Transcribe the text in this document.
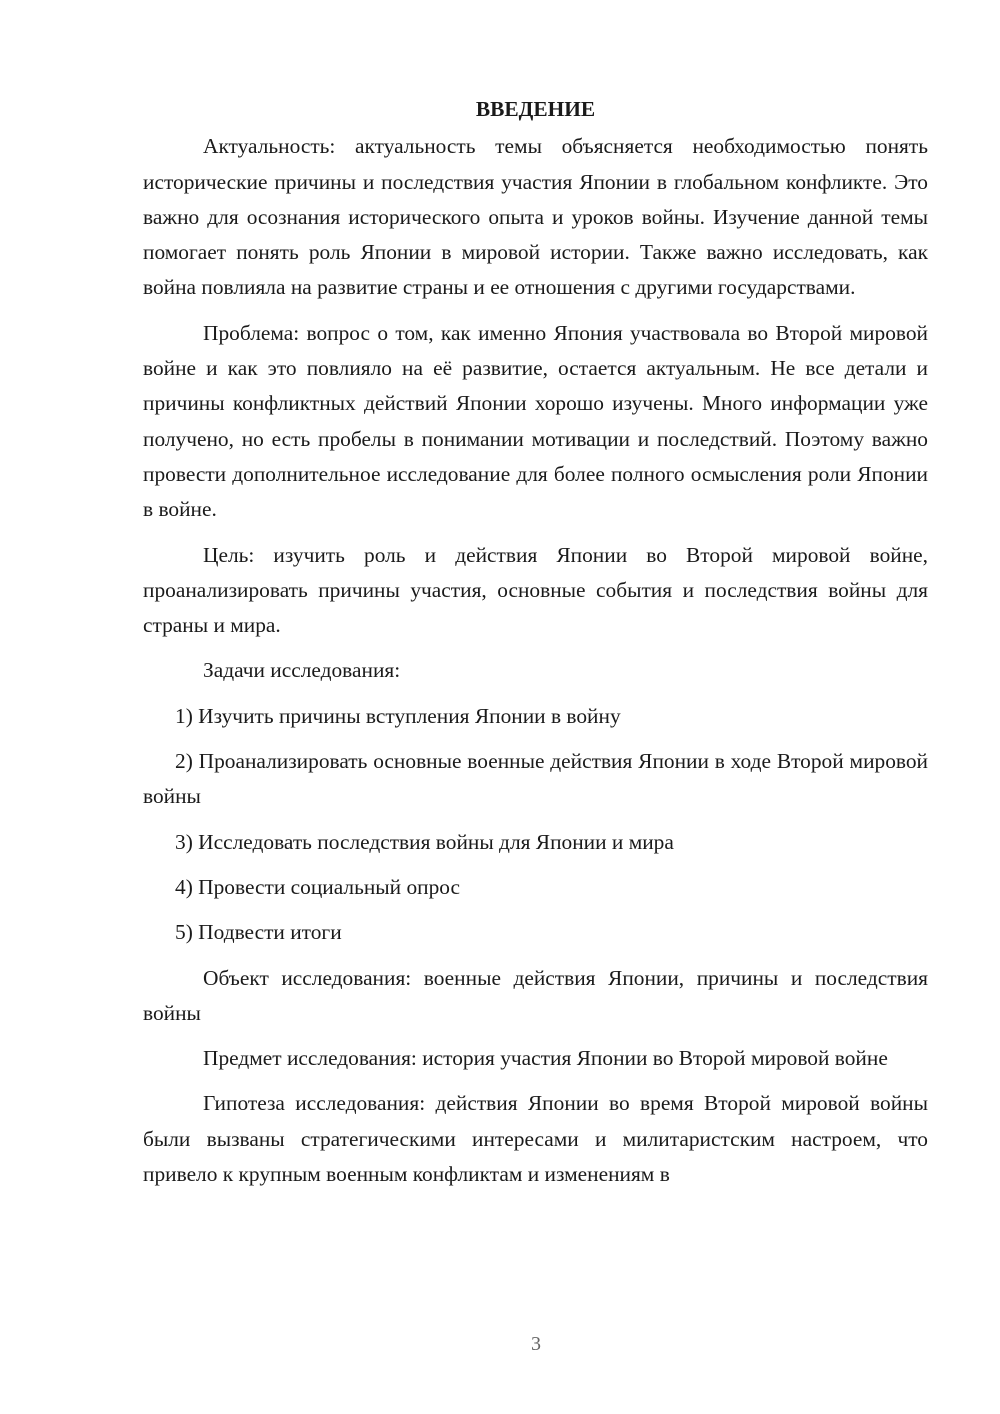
ВВЕДЕНИЕ

Актуальность: актуальность темы объясняется необходимостью понять исторические причины и последствия участия Японии в глобальном конфликте. Это важно для осознания исторического опыта и уроков войны. Изучение данной темы помогает понять роль Японии в мировой истории. Также важно исследовать, как война повлияла на развитие страны и ее отношения с другими государствами.

Проблема: вопрос о том, как именно Япония участвовала во Второй мировой войне и как это повлияло на её развитие, остается актуальным. Не все детали и причины конфликтных действий Японии хорошо изучены. Много информации уже получено, но есть пробелы в понимании мотивации и последствий. Поэтому важно провести дополнительное исследование для более полного осмысления роли Японии в войне.

Цель: изучить роль и действия Японии во Второй мировой войне, проанализировать причины участия, основные события и последствия войны для страны и мира.

Задачи исследования:

1) Изучить причины вступления Японии в войну

2) Проанализировать основные военные действия Японии в ходе Второй мировой войны

3) Исследовать последствия войны для Японии и мира

4) Провести социальный опрос

5) Подвести итоги

Объект исследования: военные действия Японии, причины и последствия войны

Предмет исследования: история участия Японии во Второй мировой войне

Гипотеза исследования: действия Японии во время Второй мировой войны были вызваны стратегическими интересами и милитаристским настроем, что привело к крупным военным конфликтам и изменениям в

3
